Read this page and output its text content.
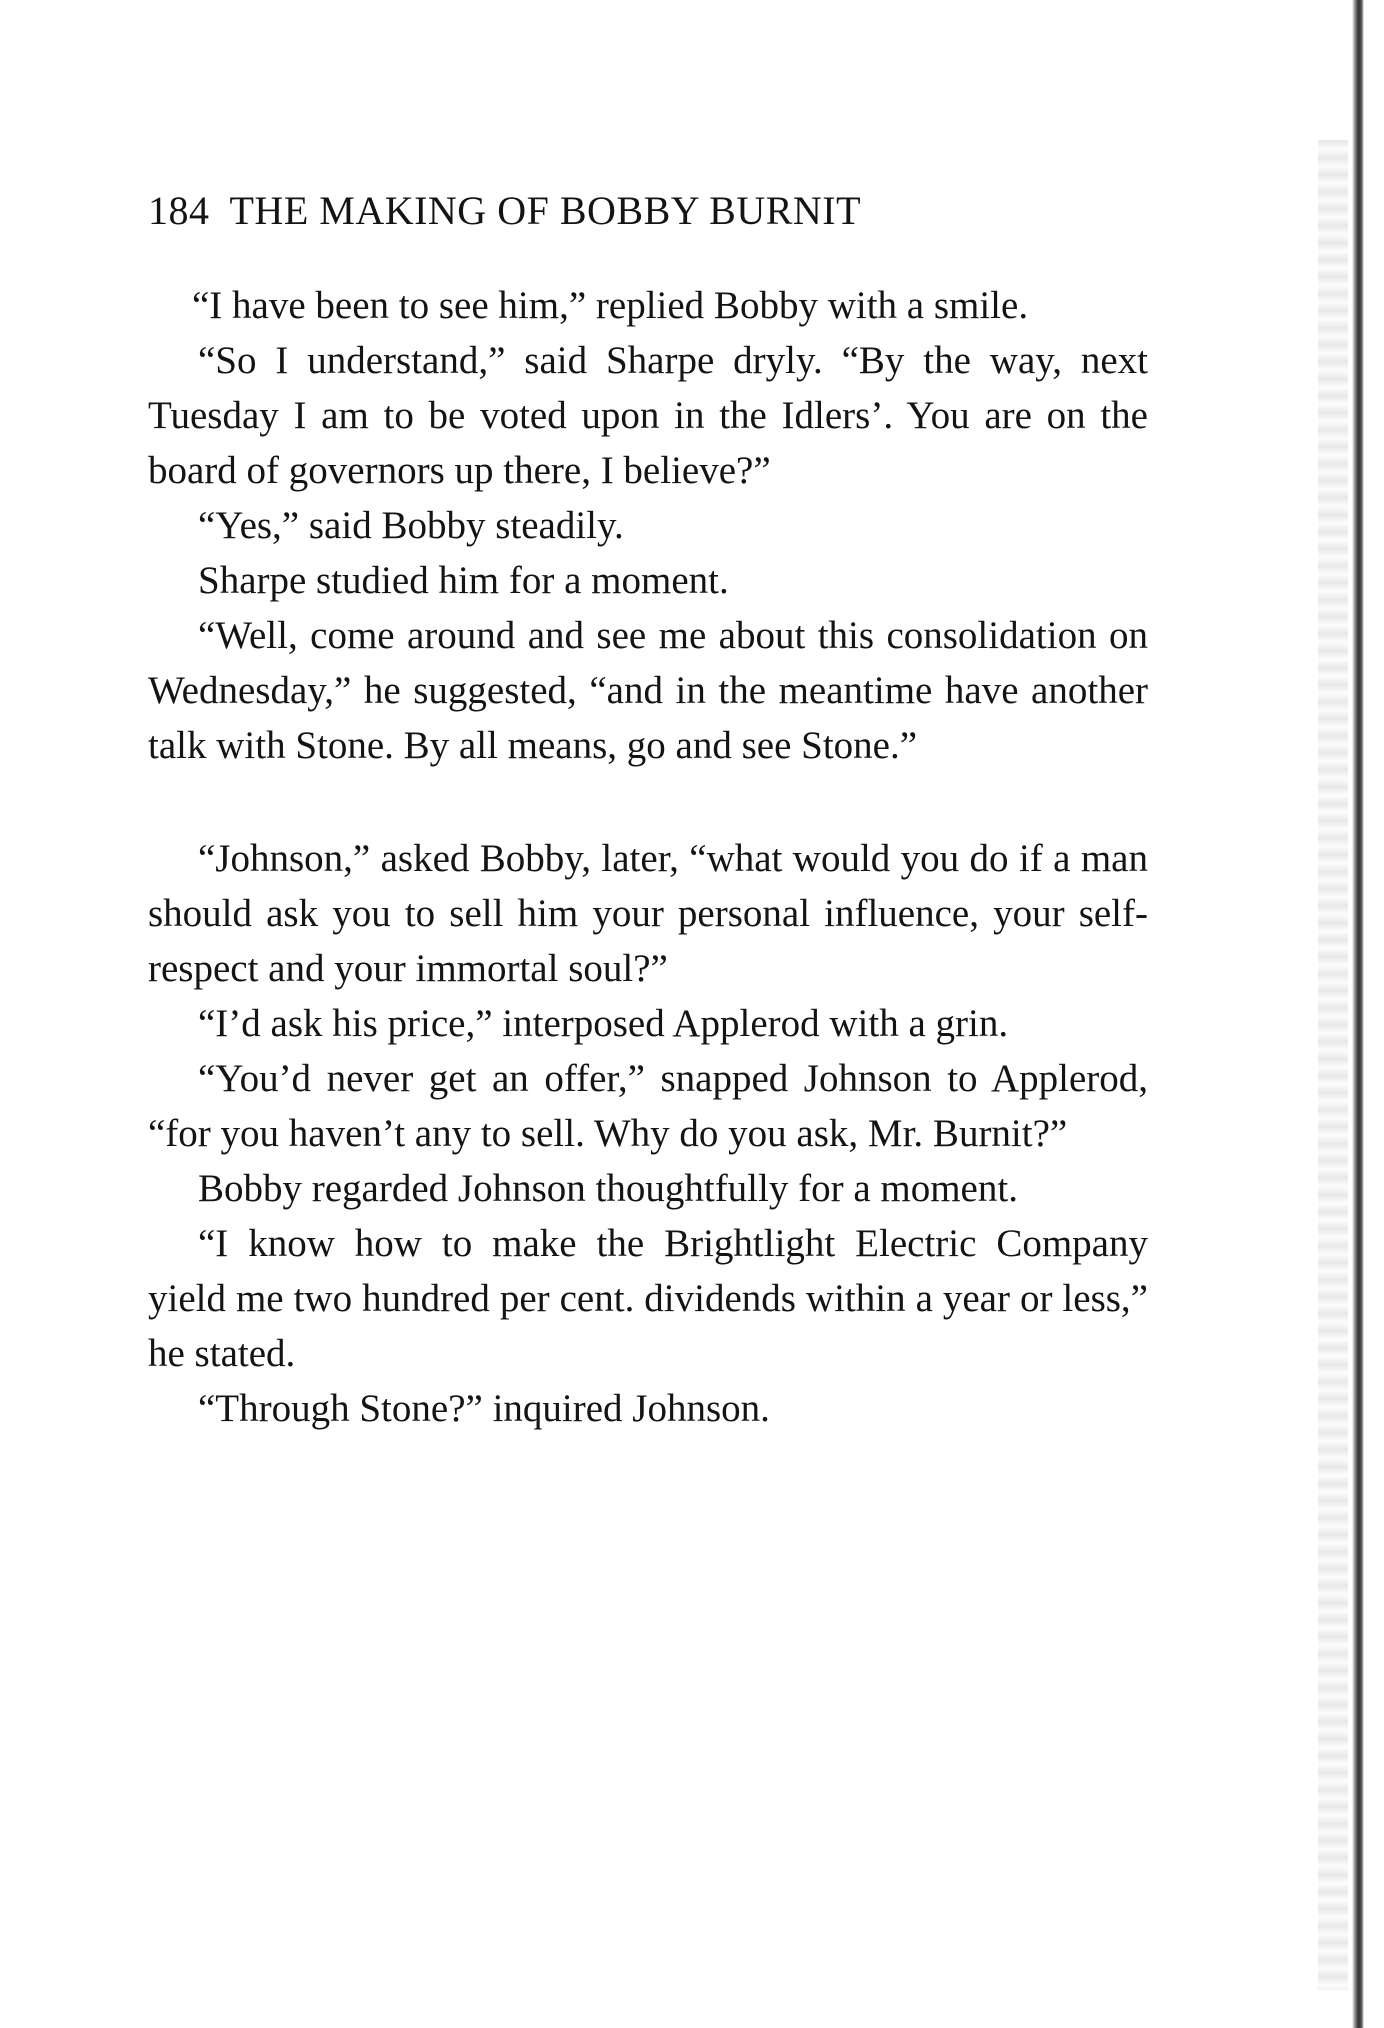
184 THE MAKING OF BOBBY BURNIT

“I have been to see him,” replied Bobby with a smile.

“So I understand,” said Sharpe dryly. “By the way, next Tuesday I am to be voted upon in the Idlers’. You are on the board of governors up there, I believe?”

“Yes,” said Bobby steadily.

Sharpe studied him for a moment.

“Well, come around and see me about this consolidation on Wednesday,” he suggested, “and in the meantime have another talk with Stone. By all means, go and see Stone.”

“Johnson,” asked Bobby, later, “what would you do if a man should ask you to sell him your personal influence, your self-respect and your immortal soul?”

“I’d ask his price,” interposed Applerod with a grin.

“You’d never get an offer,” snapped Johnson to Applerod, “for you haven’t any to sell. Why do you ask, Mr. Burnit?”

Bobby regarded Johnson thoughtfully for a moment.

“I know how to make the Brightlight Electric Company yield me two hundred per cent. dividends within a year or less,” he stated.

“Through Stone?” inquired Johnson.
